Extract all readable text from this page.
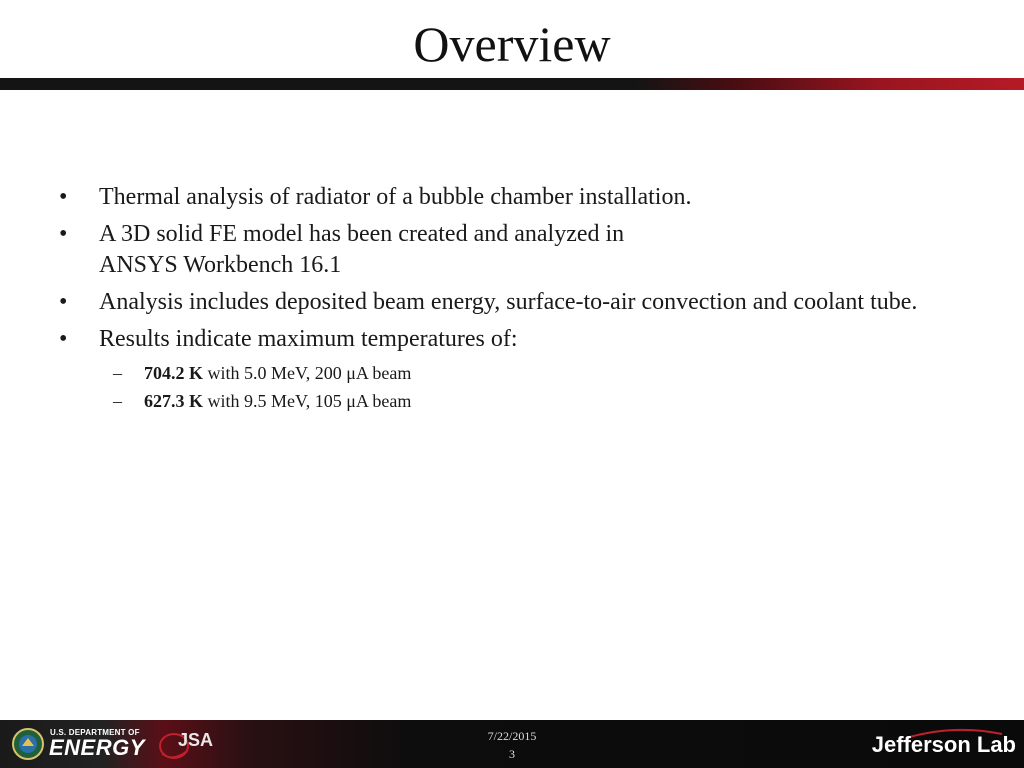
Overview
• Thermal analysis of radiator of a bubble chamber installation.
• A 3D solid FE model has been created and analyzed in
ANSYS Workbench 16.1
• Analysis includes deposited beam energy, surface-to-air convection and coolant tube.
• Results indicate maximum temperatures of:
– 704.2 K with 5.0 MeV, 200 μA beam
– 627.3 K with 9.5 MeV, 105 μA beam
U.S. DEPARTMENT OF
ENERGY JSA	7/22/2015
3	Jefferson Lab
